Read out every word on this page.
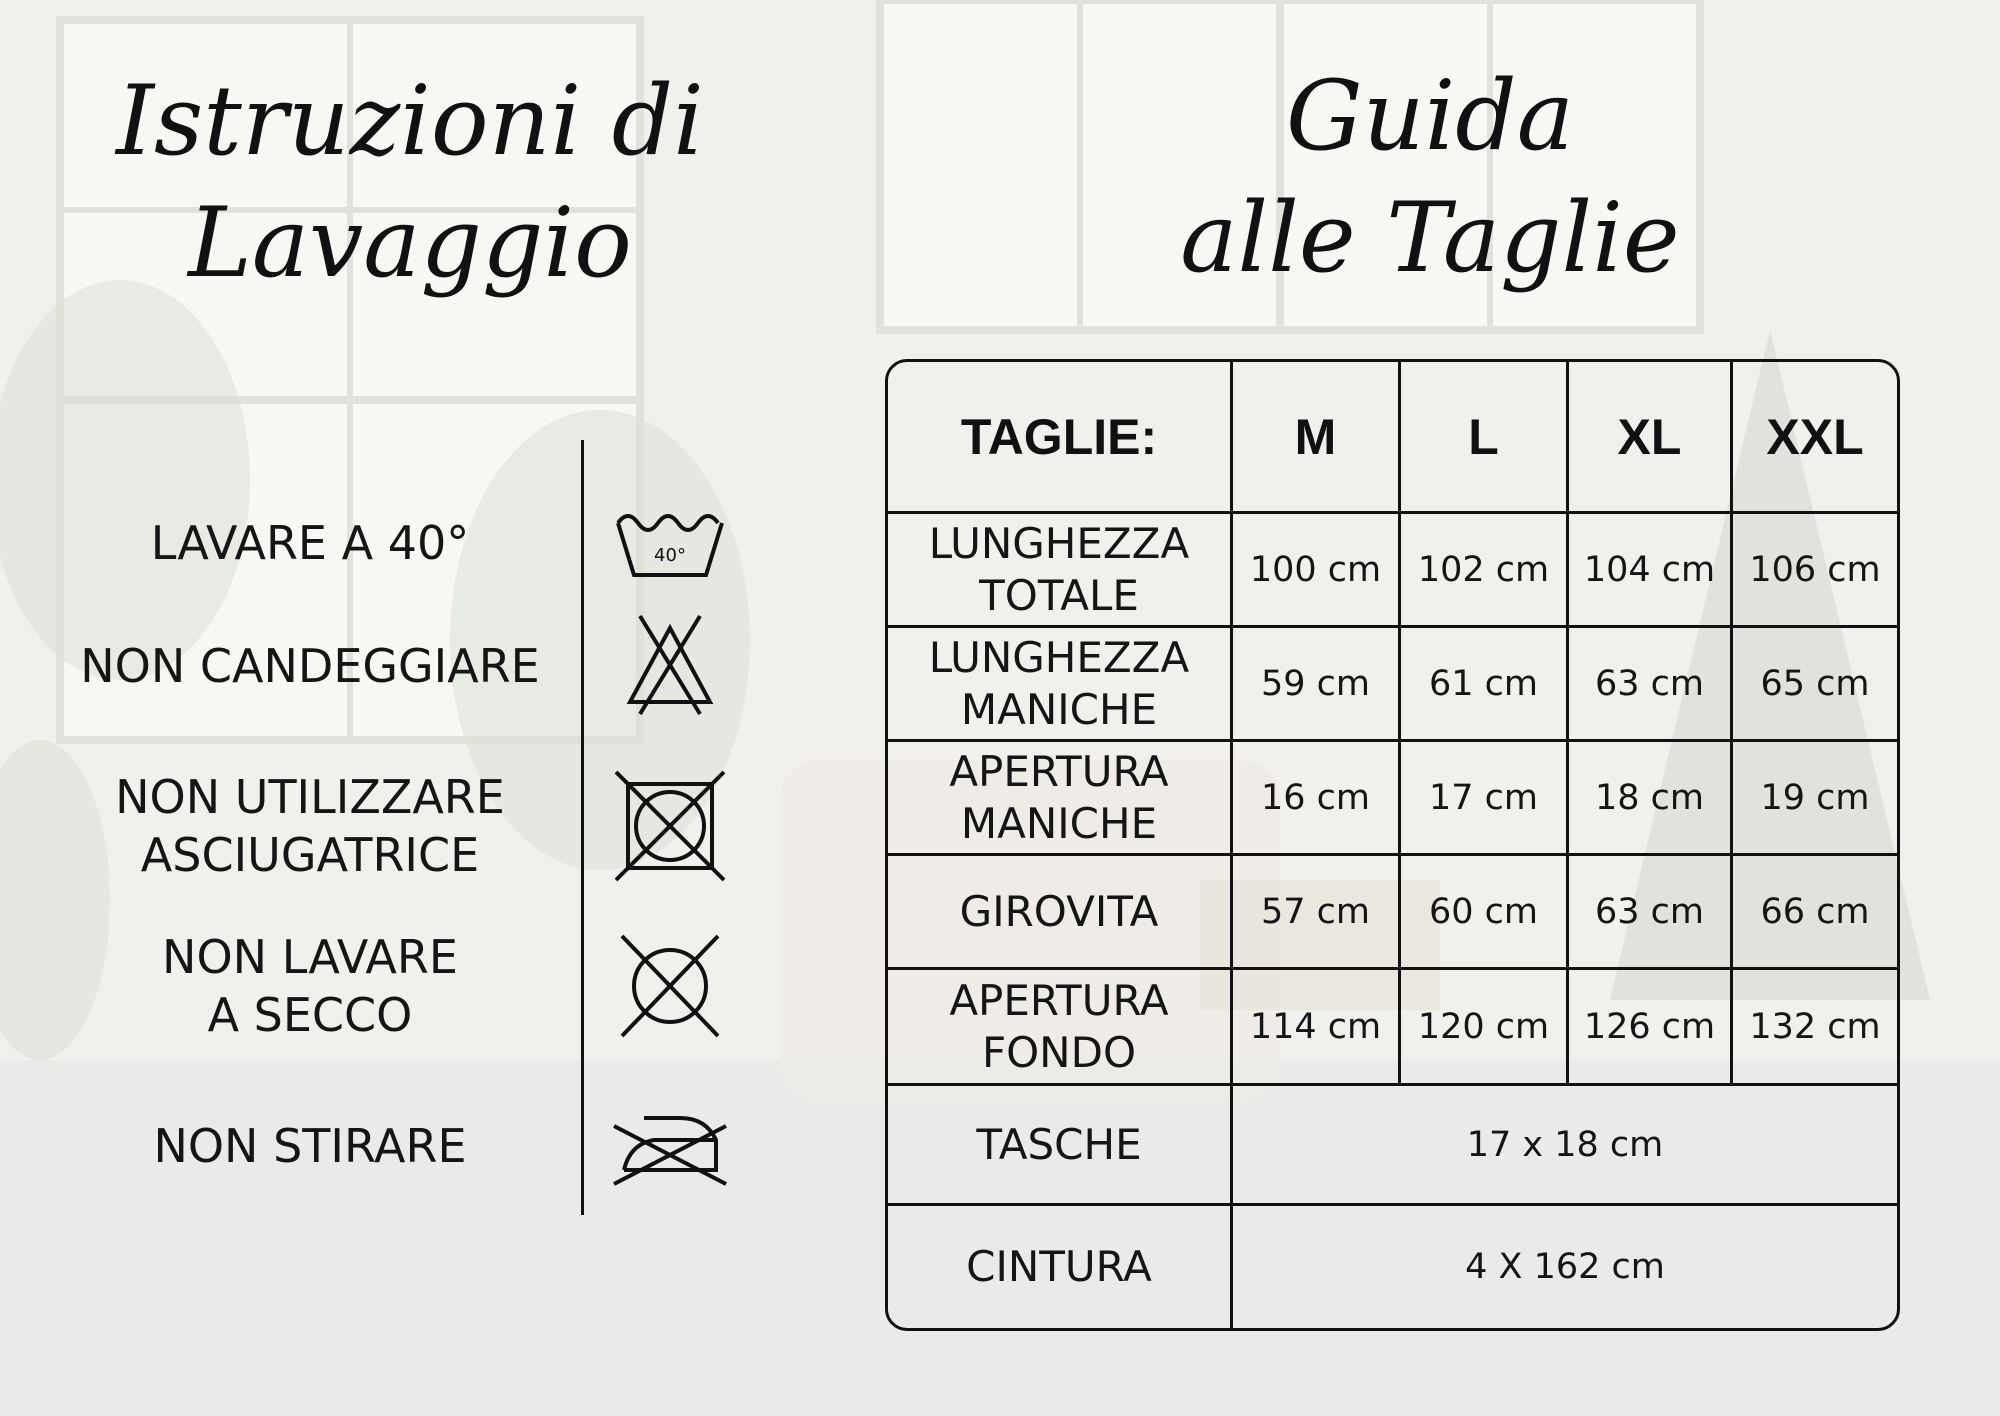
Istruzioni di
Lavaggio
LAVARE A 40°	40°
NON CANDEGGIARE
NON UTILIZZARE
ASCIUGATRICE
NON LAVARE
A SECCO
NON STIRARE
Guida
alle Taglie
TAGLIE:	M	L	XL	XXL

LUNGHEZZA
TOTALE	100 cm	102 cm	104 cm	106 cm

LUNGHEZZA
MANICHE	59 cm	61 cm	63 cm	65 cm

APERTURA
MANICHE	16 cm	17 cm	18 cm	19 cm

GIROVITA	57 cm	60 cm	63 cm	66 cm

APERTURA
FONDO	114 cm	120 cm	126 cm	132 cm
TASCHE	17 x 18 cm			
CINTURA	4 X 162 cm			
